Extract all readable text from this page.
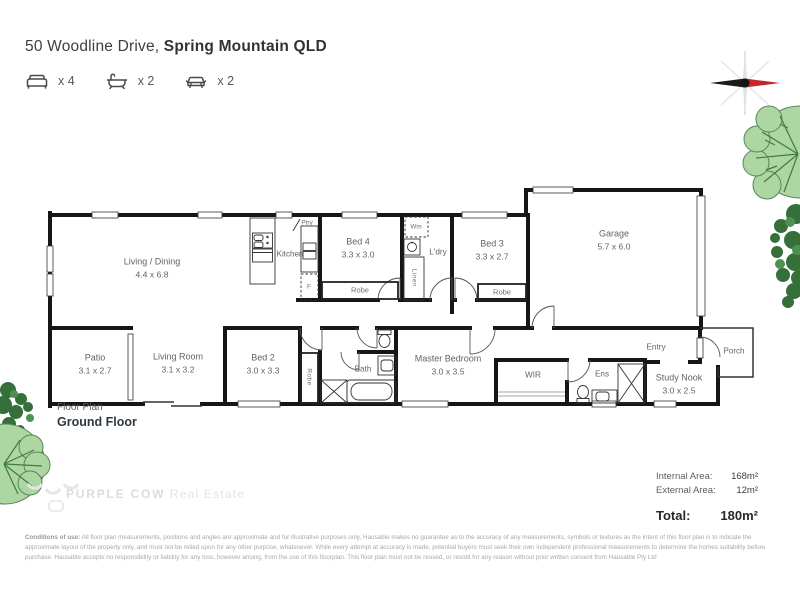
50 Woodline Drive, Spring Mountain QLD
x 4	x 2	x 2
Living / Dining
4.4 x 6.8
Kitchen
Bed 4
3.3 x 3.0	L'dry
Bed 3
3.3 x 2.7
Garage
5.7 x 6.0
Patio
3.1 x 2.7
Living Room
3.1 x 3.2
Bed 2
3.0 x 3.3	Bath
Master Bedroom
3.0 x 3.5	WIR	Ens	Study Nook
3.0 x 2.5
Entry	Porch
Ptry
Wm
F	Robe	Robe
Linen
Robe
Floor Plan
Ground Floor
PURPLE COW Real Estate
Internal Area: 168m²
External Area: 12m²
Total: 180m²
Conditions of use: All floor plan measurements, positions and angles are approximate and for illustrative purposes only. Hausable makes no guarantee as to the accuracy of any measurements, symbols or textures as the intent of this floor plan is to indicate the approximate layout of the property only, and must not be relied upon for any other purpose, whatsoever. While every attempt at accuracy is made, potential buyers must seek their own independent professional measurements to determine the homes suitability before purchase. Hausable accepts no responsibility or liability for any loss, however arising, from the use of this floorplan. This floor plan must not be reused, or resold for any reason without prior written consent from Hausable Pty Ltd
